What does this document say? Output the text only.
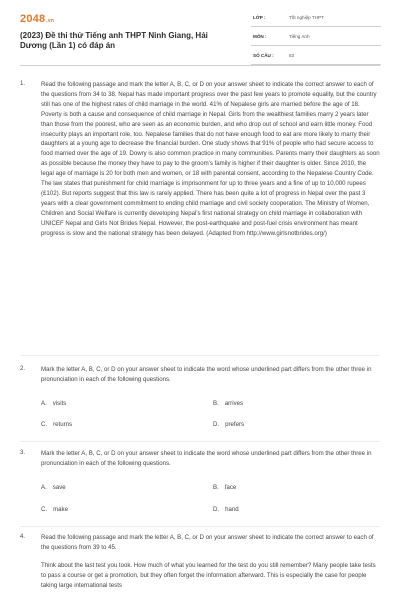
2048.vn
(2023) Đề thi thử Tiếng anh THPT Ninh Giang, Hải Dương (Lần 1) có đáp án
LỚP :	Tốt nghiệp THPT
MÔN :	Tiếng Anh
SỐ CÂU :	53
1.	Read the following passage and mark the letter A, B, C, or D on your answer sheet to indicate the correct answer to each of the questions from 34 to 38. Nepal has made important progress over the past few years to promote equality, but the country still has one of the highest rates of child marriage in the world. 41% of Nepalese girls are married before the age of 18. Poverty is both a cause and consequence of child marriage in Nepal. Girls from the wealthiest families marry 2 years later than those from the poorest, who are seen as an economic burden, and who drop out of school and earn little money. Food insecurity plays an important role, too. Nepalese families that do not have enough food to eat are more likely to marry their daughters at a young age to decrease the financial burden. One study shows that 91% of people who had secure access to food married over the age of 19. Dowry is also common practice in many communities. Parents marry their daughters as soon as possible because the money they have to pay to the groom's family is higher if their daughter is older. Since 2010, the legal age of marriage is 20 for both men and women, or 18 with parental consent, according to the Nepalese Country Code. The law states that punishment for child marriage is imprisonment for up to three years and a fine of up to 10,000 rupees (£102). But reports suggest that this law is rarely applied. There has been quite a lot of progress in Nepal over the past 3 years with a clear government commitment to ending child marriage and civil society cooperation. The Ministry of Women, Children and Social Welfare is currently developing Nepal's first national strategy on child marriage in collaboration with UNICEF Nepal and Girls Not Brides Nepal. However, the post-earthquake and post-fuel crisis environment has meant progress is slow and the national strategy has been delayed. (Adapted from http://www.girlsnotbrides.org/)
2.	Mark the letter A, B, C, or D on your answer sheet to indicate the word whose underlined part differs from the other three in pronunciation in each of the following questions.
A. visits	B. arrives
C. returns	D. prefers
3.	Mark the letter A, B, C, or D on your answer sheet to indicate the word whose underlined part differs from the other three in pronunciation in each of the following questions.
A. save	B. face
C. make	D. hand
4.	Read the following passage and mark the letter A, B, C, or D on your answer sheet to indicate the correct answer to each of the questions from 39 to 45.

Think about the last test you took. How much of what you learned for the test do you still remember? Many people take tests to pass a course or get a promotion, but they often forget the information afterward. This is especially the case for people taking large international tests
